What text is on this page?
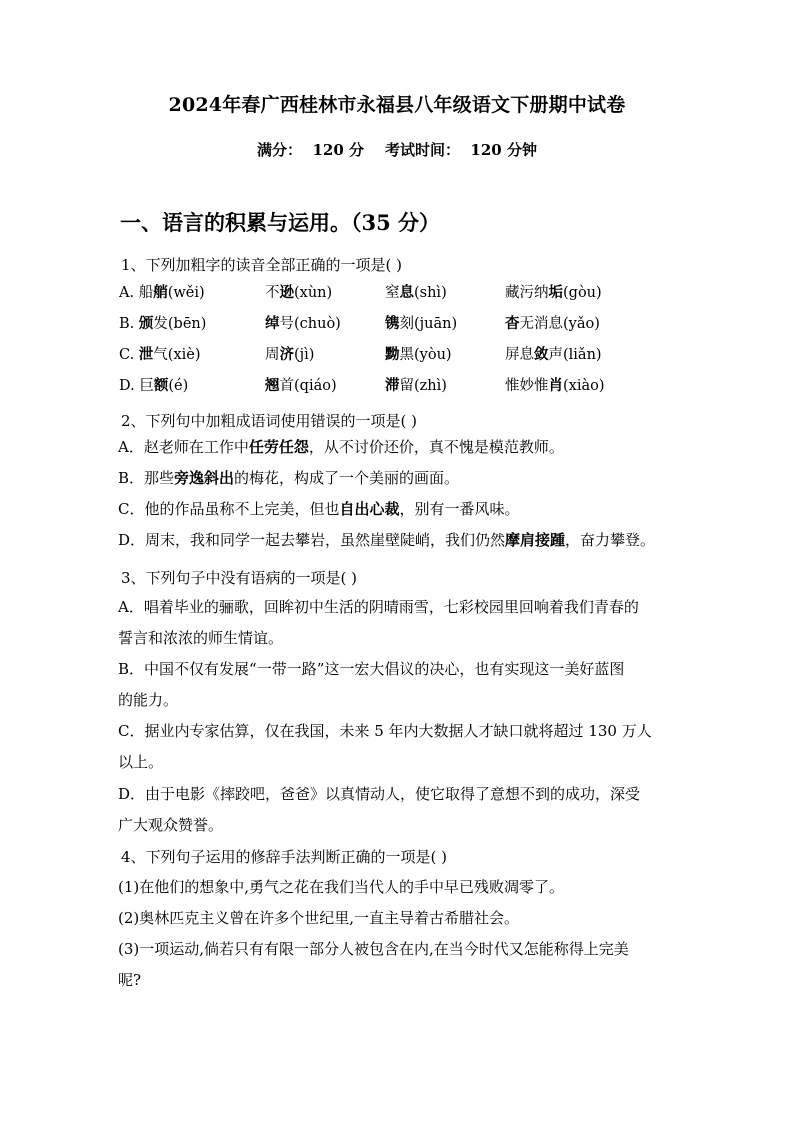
2024年春广西桂林市永福县八年级语文下册期中试卷
满分： 120 分 考试时间： 120 分钟
一、语言的积累与运用。（35 分）
1、下列加粗字的读音全部正确的一项是( )
A. 船艄(wěi)	不逊(xùn)	窒息(shì)	藏污纳垢(gòu)
B. 颁发(bēn)	绰号(chuò)	镌刻(juān)	杳无消息(yǎo)
C. 泄气(xiè)	周济(jì)	黝黑(yòu)	屏息敛声(liǎn)
D. 巨额(é)	翘首(qiáo)	滞留(zhì)	惟妙惟肖(xiào)
2、下列句中加粗成语词使用错误的一项是( )
A．赵老师在工作中任劳任怨，从不讨价还价，真不愧是模范教师。
B．那些旁逸斜出的梅花，构成了一个美丽的画面。
C．他的作品虽称不上完美，但也自出心裁，别有一番风味。
D．周末，我和同学一起去攀岩，虽然崖壁陡峭，我们仍然摩肩接踵，奋力攀登。
3、下列句子中没有语病的一项是( )
A．唱着毕业的骊歌，回眸初中生活的阴晴雨雪，七彩校园里回响着我们青春的
誓言和浓浓的师生情谊。
B．中国不仅有发展“一带一路”这一宏大倡议的决心，也有实现这一美好蓝图
的能力。
C．据业内专家估算，仅在我国，未来 5 年内大数据人才缺口就将超过 130 万人
以上。
D．由于电影《摔跤吧，爸爸》以真情动人，使它取得了意想不到的成功，深受
广大观众赞誉。
4、下列句子运用的修辞手法判断正确的一项是( )
(1)在他们的想象中,勇气之花在我们当代人的手中早已残败凋零了。
(2)奥林匹克主义曾在许多个世纪里,一直主导着古希腊社会。
(3)一项运动,倘若只有有限一部分人被包含在内,在当今时代又怎能称得上完美
呢?
